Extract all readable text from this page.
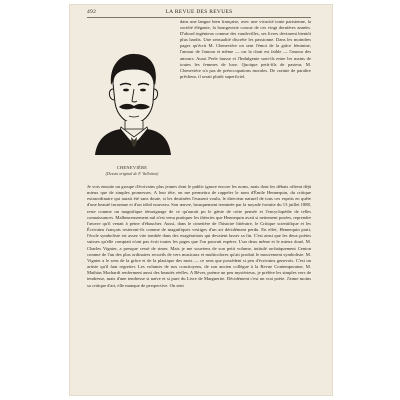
492	LA REVUE DES REVUES
CHENEVIÈRE
(Dessin original de F. Vallotton)

dans une langue bien française, avec une vivacité toute parisienne, la société élégante, la bourgeoisie cossue de ces vingt dernières années. D'abord ingénieux comme des vaudevilles, ses livres devinrent bientôt plus hardis. Une sensualité discrète les passionne. Dans les moindres pages qu'écrit M. Chenevière on sent l'émoi de la grâce féminine, l'amour de l'amour et même — car la chair est faible — l'amour des amours. Aussi Perle fausse et l'Indulgente sont-ils entre les mains de toutes les femmes de luxe. Quoique petit-fils de pasteur, M. Chenevière n'a pas de préoccupations morales. De crainte de paraître prêcheur, il serait plutôt superficiel.

Je vois ensuite un groupe d'écrivains plus jeunes dont le public ignore encore les noms, mais dont les débuts offrent déjà mieux que de simples promesses. A leur tête, on me permettra de rappeler le nom d'Émile Hennequin, du critique extraordinaire qui aurait été sans doute, si les destinées l'eussent voulu, le directeur naturel de tous ces esprits en quête d'une beauté inconnue et d'un idéal nouveau. Son œuvre, brusquement terminée par la noyade fortuite du 13 juillet 1888, reste comme un magnifique témoignage de ce qu'aurait pu le génie de cette pensée et l'encyclopédie de telles connaissances. Malheureusement nul n'est venu pratiquer les théories que Hennequin avait si nettement posées, reprendre l'œuvre qu'il venait à peine d'ébaucher. Aussi, dans le cimetière de l'histoire littéraire, le Critique scientifique et les Écrivains français resteront-ils comme de magnifiques vestiges d'un art décidément perdu. En effet, Hennequin parti, l'école symboliste est assez vite tombée dans des exagérations qui devaient lasser sa fin. C'est ainsi que les deux poètes suisses qu'elle comptait n'ont pas écrit toutes les pages que l'on pouvait espérer. L'un deux même et le mieux doué, M. Charles Vignier, a presque cessé de rimer. Mais je me souviens de son petit volume, intitulé archaïquement Centon comme de l'un des plus ordinaires recueils de vers musicaux et multicolores qu'ait produit le mouvement symboliste. M. Vignier a le sens de la grâce et de la plastique des mots — ce sens que possèdent si peu d'écrivains genevois. C'est un artiste qu'il faut regretter. Les volumes de nos concitoyens, de son ancien collègue à la Revue Contemporaine, M. Mathias Morhardt renferment aussi des beautés réelles. A Rêver, poème un peu mystérieux, je préfère les simples vers de tendresse, mais d'une tendresse si naïve et si pure du Livre de Marguerite. Décidément c'est un vrai poète. J'aime moins sa critique d'art, elle manque de perspective. On sent
